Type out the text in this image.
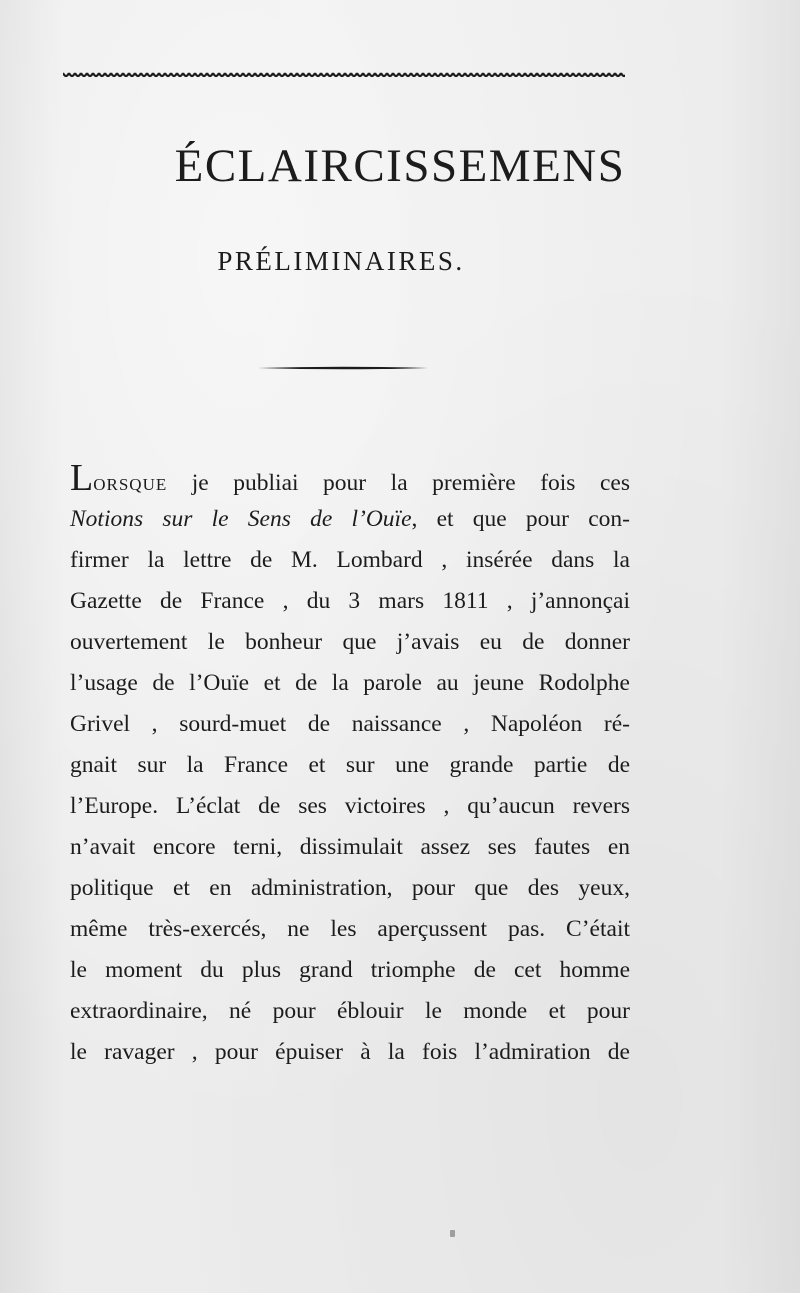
ÉCLAIRCISSEMENS
PRÉLIMINAIRES.
LORSQUE je publiai pour la première fois ces
Notions sur le Sens de l’Ouïe, et que pour con-
firmer la lettre de M. Lombard , insérée dans la
Gazette de France , du 3 mars 1811 , j’annonçai
ouvertement le bonheur que j’avais eu de donner
l’usage de l’Ouïe et de la parole au jeune Rodolphe
Grivel , sourd-muet de naissance , Napoléon ré-
gnait sur la France et sur une grande partie de
l’Europe. L’éclat de ses victoires , qu’aucun revers
n’avait encore terni, dissimulait assez ses fautes en
politique et en administration, pour que des yeux,
même très-exercés, ne les aperçussent pas. C’était
le moment du plus grand triomphe de cet homme
extraordinaire, né pour éblouir le monde et pour
le ravager , pour épuiser à la fois l’admiration de
